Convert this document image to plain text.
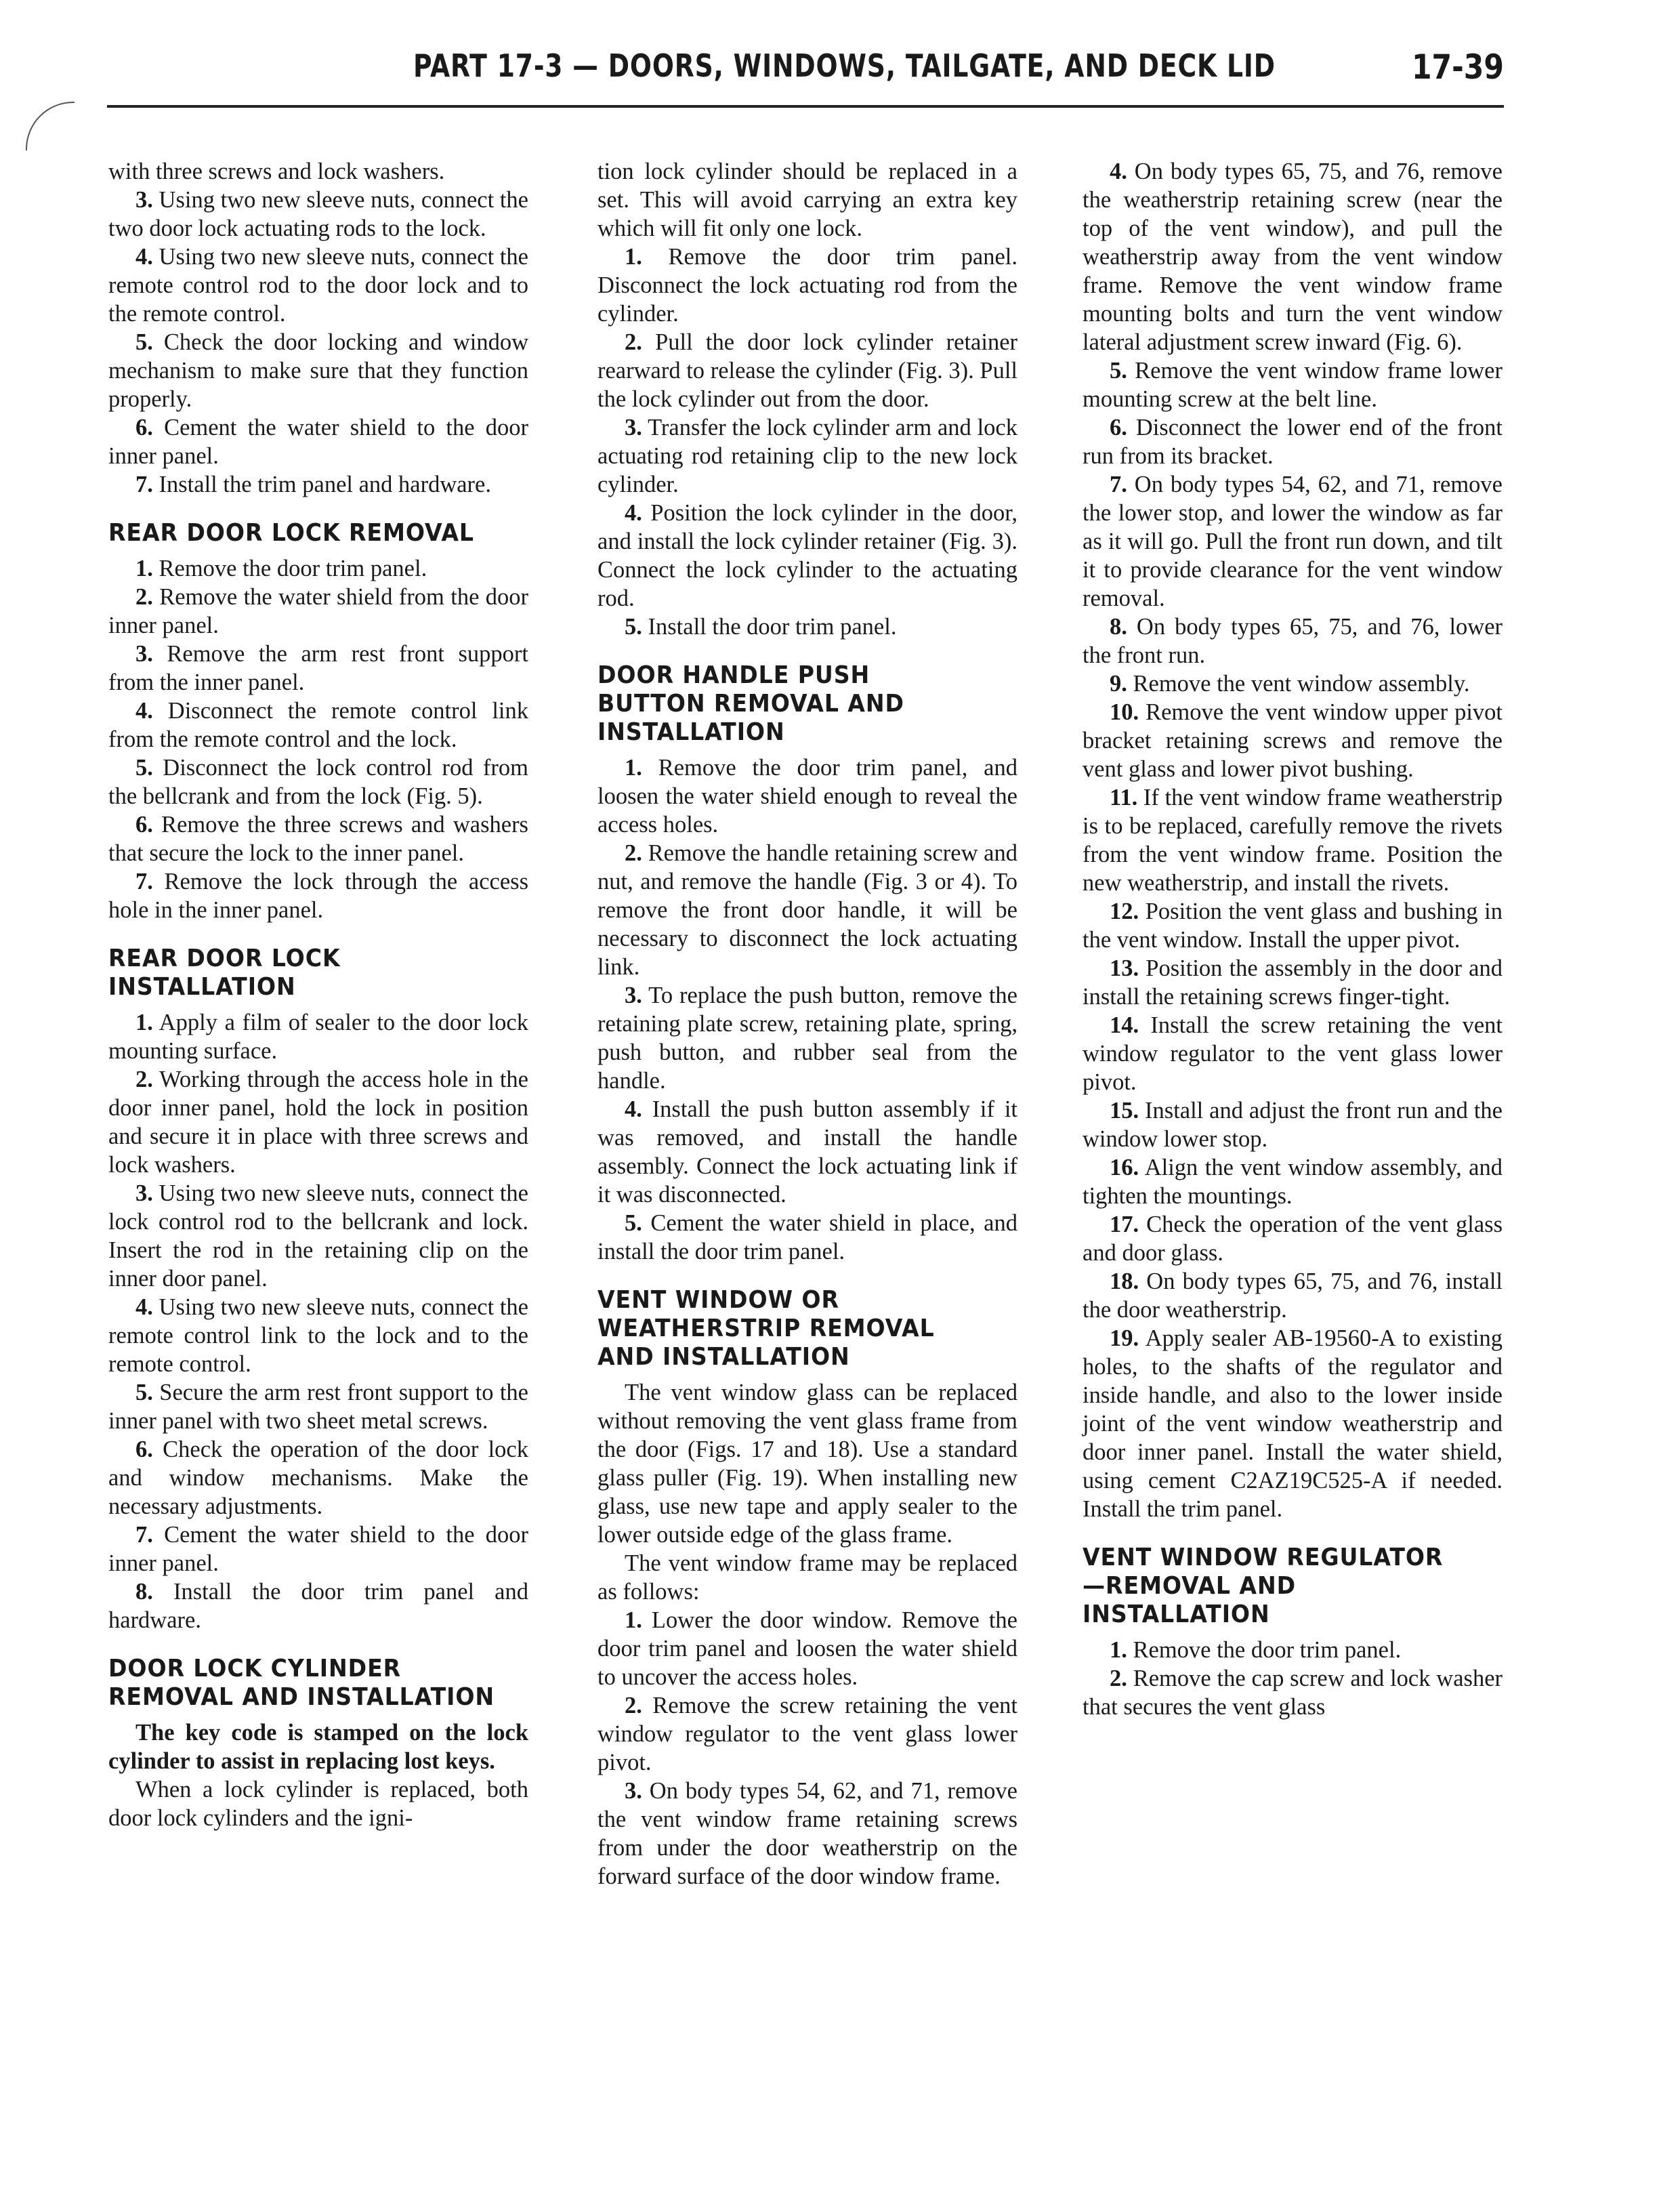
PART 17-3 — DOORS, WINDOWS, TAILGATE, AND DECK LID	17-39

with three screws and lock washers.

3. Using two new sleeve nuts, connect the two door lock actuating rods to the lock.

4. Using two new sleeve nuts, connect the remote control rod to the door lock and to the remote control.

5. Check the door locking and window mechanism to make sure that they function properly.

6. Cement the water shield to the door inner panel.

7. Install the trim panel and hardware.

REAR DOOR LOCK REMOVAL

1. Remove the door trim panel.

2. Remove the water shield from the door inner panel.

3. Remove the arm rest front support from the inner panel.

4. Disconnect the remote control link from the remote control and the lock.

5. Disconnect the lock control rod from the bellcrank and from the lock (Fig. 5).

6. Remove the three screws and washers that secure the lock to the inner panel.

7. Remove the lock through the access hole in the inner panel.

REAR DOOR LOCK INSTALLATION

1. Apply a film of sealer to the door lock mounting surface.

2. Working through the access hole in the door inner panel, hold the lock in position and secure it in place with three screws and lock washers.

3. Using two new sleeve nuts, connect the lock control rod to the bellcrank and lock. Insert the rod in the retaining clip on the inner door panel.

4. Using two new sleeve nuts, connect the remote control link to the lock and to the remote control.

5. Secure the arm rest front support to the inner panel with two sheet metal screws.

6. Check the operation of the door lock and window mechanisms. Make the necessary adjustments.

7. Cement the water shield to the door inner panel.

8. Install the door trim panel and hardware.

DOOR LOCK CYLINDER REMOVAL AND INSTALLATION

The key code is stamped on the lock cylinder to assist in replacing lost keys.

When a lock cylinder is replaced, both door lock cylinders and the igni-

tion lock cylinder should be replaced in a set. This will avoid carrying an extra key which will fit only one lock.

1. Remove the door trim panel. Disconnect the lock actuating rod from the cylinder.

2. Pull the door lock cylinder retainer rearward to release the cylinder (Fig. 3). Pull the lock cylinder out from the door.

3. Transfer the lock cylinder arm and lock actuating rod retaining clip to the new lock cylinder.

4. Position the lock cylinder in the door, and install the lock cylinder retainer (Fig. 3). Connect the lock cylinder to the actuating rod.

5. Install the door trim panel.

DOOR HANDLE PUSH BUTTON REMOVAL AND INSTALLATION

1. Remove the door trim panel, and loosen the water shield enough to reveal the access holes.

2. Remove the handle retaining screw and nut, and remove the handle (Fig. 3 or 4). To remove the front door handle, it will be necessary to disconnect the lock actuating link.

3. To replace the push button, remove the retaining plate screw, retaining plate, spring, push button, and rubber seal from the handle.

4. Install the push button assembly if it was removed, and install the handle assembly. Connect the lock actuating link if it was disconnected.

5. Cement the water shield in place, and install the door trim panel.

VENT WINDOW OR WEATHERSTRIP REMOVAL AND INSTALLATION

The vent window glass can be replaced without removing the vent glass frame from the door (Figs. 17 and 18). Use a standard glass puller (Fig. 19). When installing new glass, use new tape and apply sealer to the lower outside edge of the glass frame.

The vent window frame may be replaced as follows:

1. Lower the door window. Remove the door trim panel and loosen the water shield to uncover the access holes.

2. Remove the screw retaining the vent window regulator to the vent glass lower pivot.

3. On body types 54, 62, and 71, remove the vent window frame retaining screws from under the door weatherstrip on the forward surface of the door window frame.

4. On body types 65, 75, and 76, remove the weatherstrip retaining screw (near the top of the vent window), and pull the weatherstrip away from the vent window frame. Remove the vent window frame mounting bolts and turn the vent window lateral adjustment screw inward (Fig. 6).

5. Remove the vent window frame lower mounting screw at the belt line.

6. Disconnect the lower end of the front run from its bracket.

7. On body types 54, 62, and 71, remove the lower stop, and lower the window as far as it will go. Pull the front run down, and tilt it to provide clearance for the vent window removal.

8. On body types 65, 75, and 76, lower the front run.

9. Remove the vent window assembly.

10. Remove the vent window upper pivot bracket retaining screws and remove the vent glass and lower pivot bushing.

11. If the vent window frame weatherstrip is to be replaced, carefully remove the rivets from the vent window frame. Position the new weatherstrip, and install the rivets.

12. Position the vent glass and bushing in the vent window. Install the upper pivot.

13. Position the assembly in the door and install the retaining screws finger-tight.

14. Install the screw retaining the vent window regulator to the vent glass lower pivot.

15. Install and adjust the front run and the window lower stop.

16. Align the vent window assembly, and tighten the mountings.

17. Check the operation of the vent glass and door glass.

18. On body types 65, 75, and 76, install the door weatherstrip.

19. Apply sealer AB-19560-A to existing holes, to the shafts of the regulator and inside handle, and also to the lower inside joint of the vent window weatherstrip and door inner panel. Install the water shield, using cement C2AZ19C525-A if needed. Install the trim panel.

VENT WINDOW REGULATOR —REMOVAL AND INSTALLATION

1. Remove the door trim panel.

2. Remove the cap screw and lock washer that secures the vent glass
